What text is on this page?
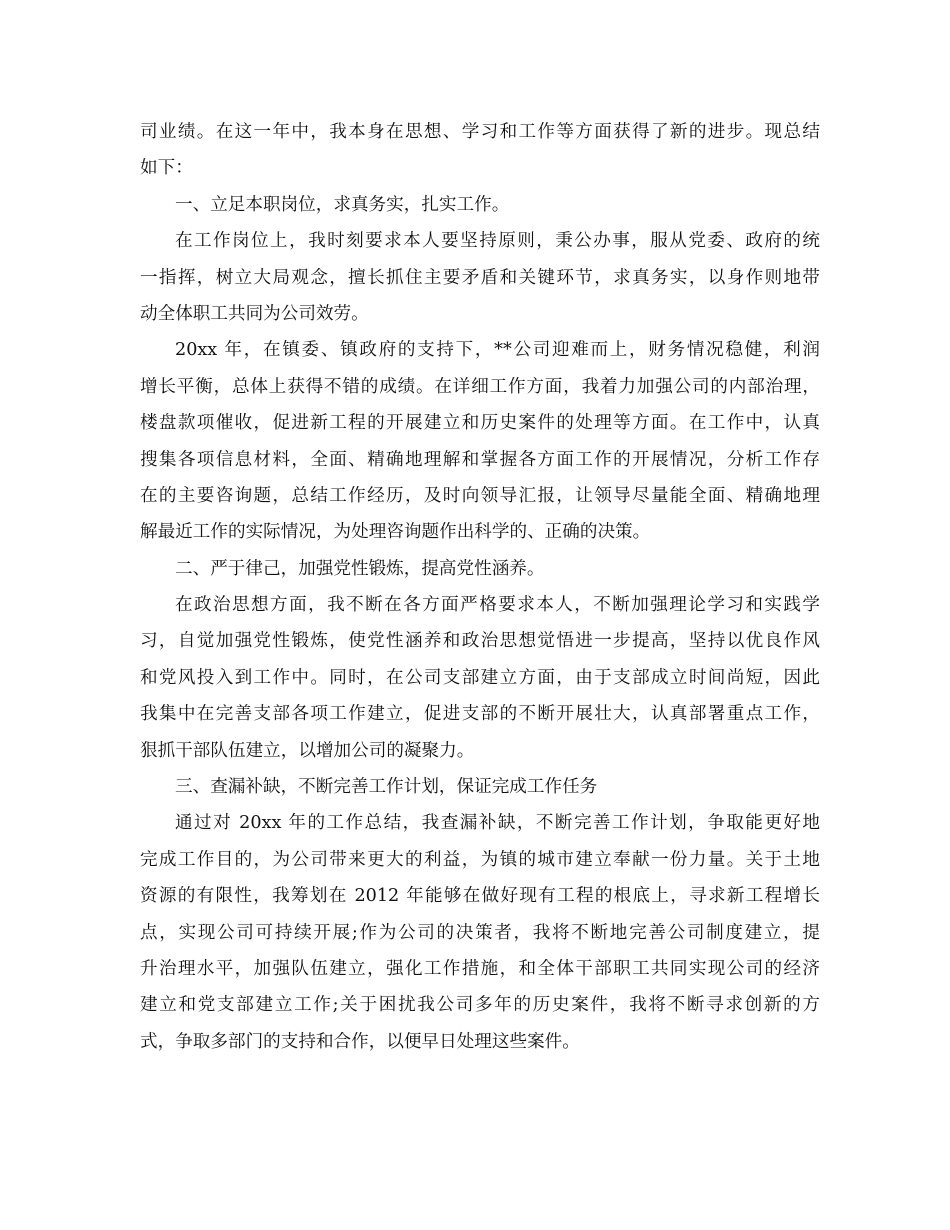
司业绩。在这一年中，我本身在思想、学习和工作等方面获得了新的进步。现总结
如下：
一、立足本职岗位，求真务实，扎实工作。
在工作岗位上，我时刻要求本人要坚持原则，秉公办事，服从党委、政府的统
一指挥，树立大局观念，擅长抓住主要矛盾和关键环节，求真务实，以身作则地带
动全体职工共同为公司效劳。
20xx 年，在镇委、镇政府的支持下，**公司迎难而上，财务情况稳健，利润
增长平衡，总体上获得不错的成绩。在详细工作方面，我着力加强公司的内部治理，
楼盘款项催收，促进新工程的开展建立和历史案件的处理等方面。在工作中，认真
搜集各项信息材料，全面、精确地理解和掌握各方面工作的开展情况，分析工作存
在的主要咨询题，总结工作经历，及时向领导汇报，让领导尽量能全面、精确地理
解最近工作的实际情况，为处理咨询题作出科学的、正确的决策。
二、严于律己，加强党性锻炼，提高党性涵养。
在政治思想方面，我不断在各方面严格要求本人，不断加强理论学习和实践学
习，自觉加强党性锻炼，使党性涵养和政治思想觉悟进一步提高，坚持以优良作风
和党风投入到工作中。同时，在公司支部建立方面，由于支部成立时间尚短，因此
我集中在完善支部各项工作建立，促进支部的不断开展壮大，认真部署重点工作，
狠抓干部队伍建立，以增加公司的凝聚力。
三、查漏补缺，不断完善工作计划，保证完成工作任务
通过对 20xx 年的工作总结，我查漏补缺，不断完善工作计划，争取能更好地
完成工作目的，为公司带来更大的利益，为镇的城市建立奉献一份力量。关于土地
资源的有限性，我筹划在 2012 年能够在做好现有工程的根底上，寻求新工程增长
点，实现公司可持续开展;作为公司的决策者，我将不断地完善公司制度建立，提
升治理水平，加强队伍建立，强化工作措施，和全体干部职工共同实现公司的经济
建立和党支部建立工作;关于困扰我公司多年的历史案件，我将不断寻求创新的方
式，争取多部门的支持和合作，以便早日处理这些案件。
